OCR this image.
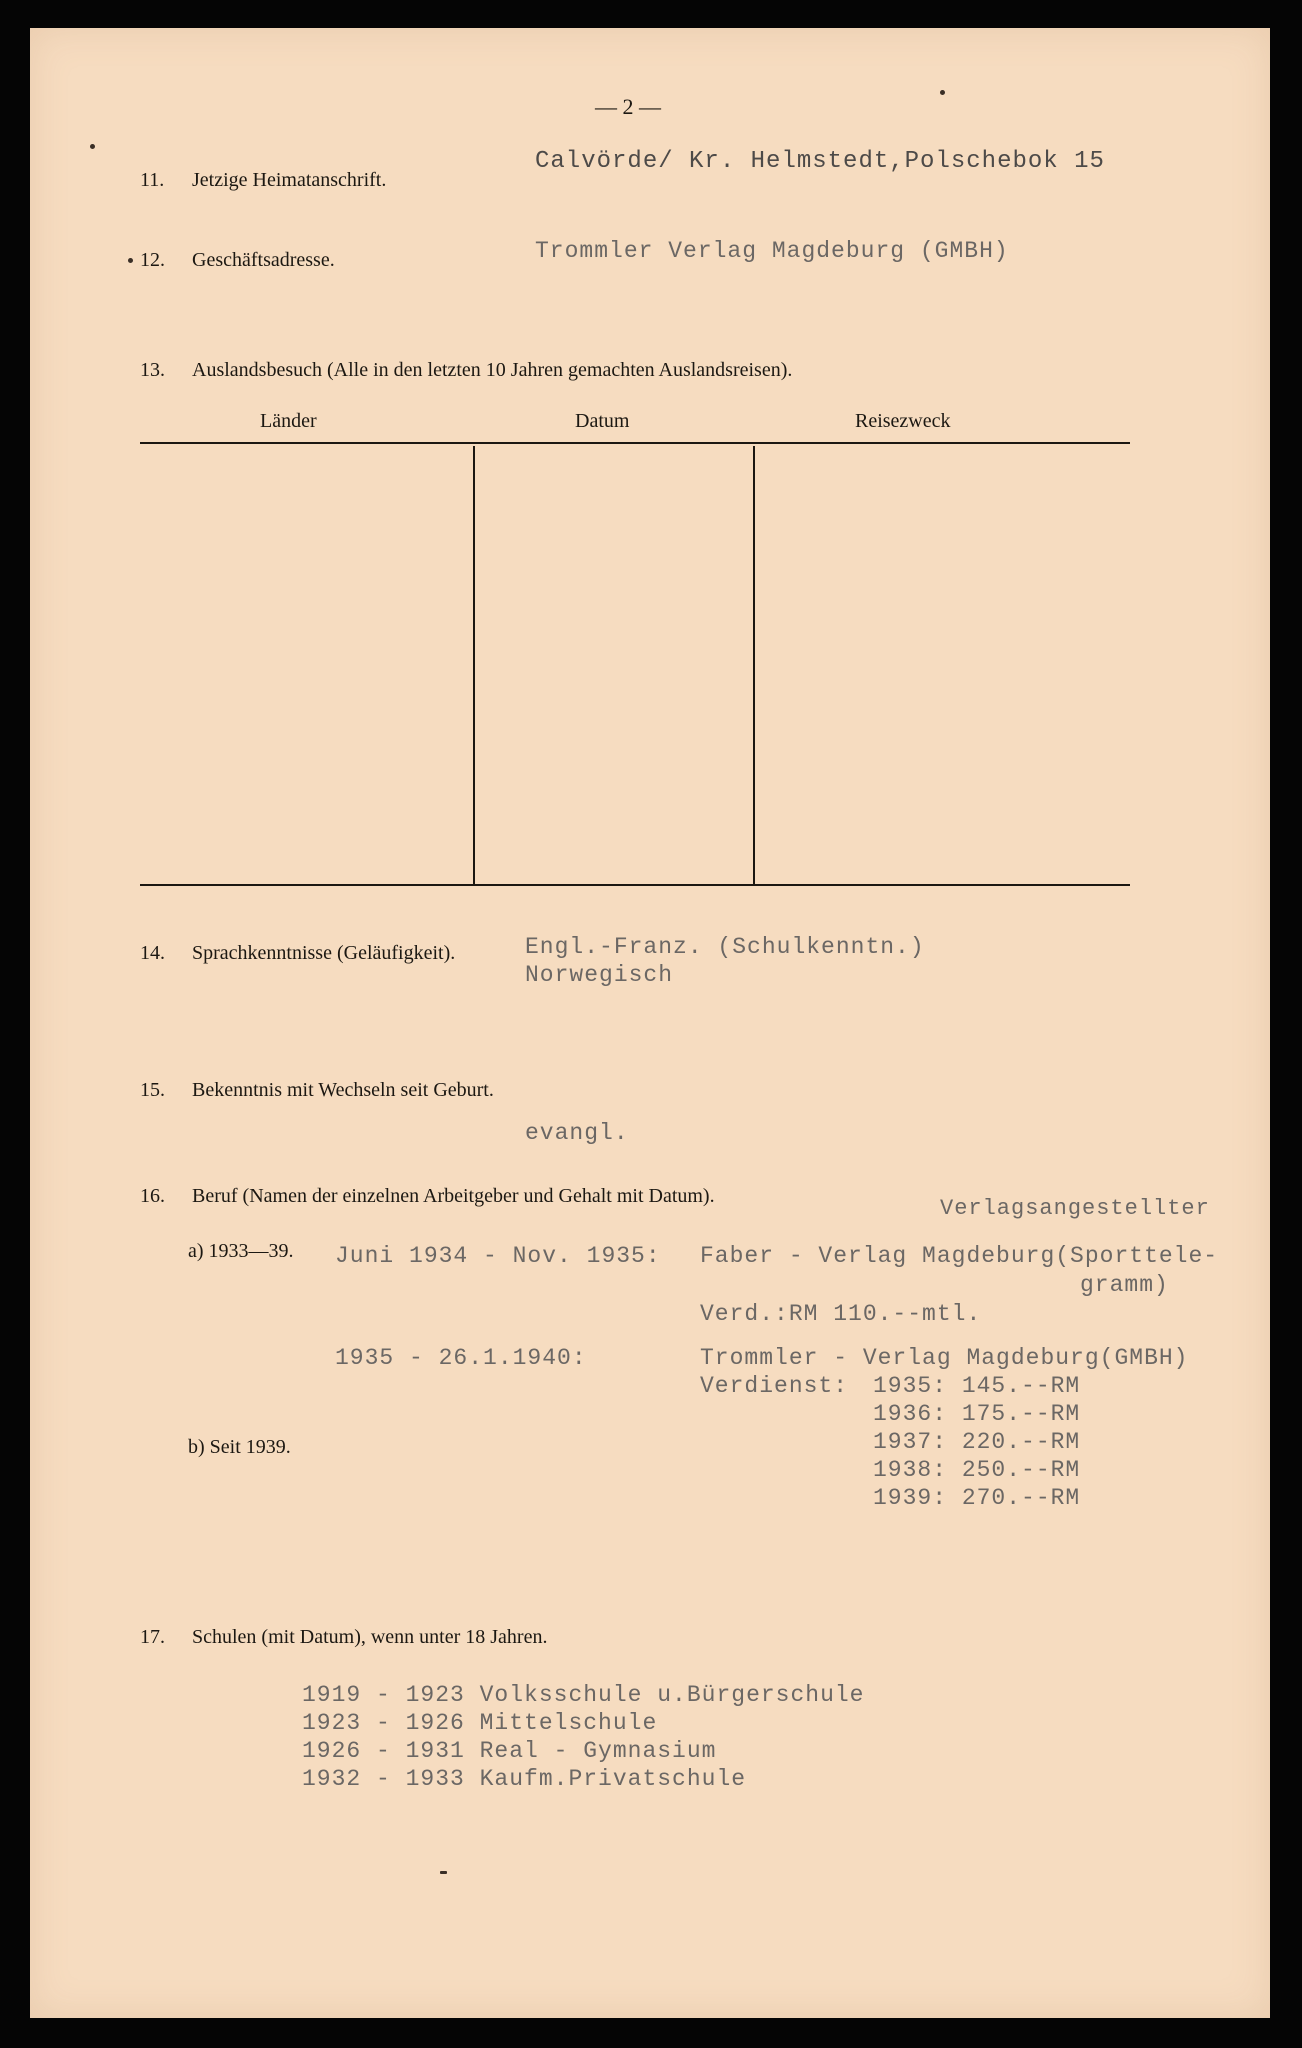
— 2 —
11. Jetzige Heimatanschrift.
Calvörde/ Kr. Helmstedt,Polschebok 15
12. Geschäftsadresse.	Trommler Verlag Magdeburg (GMBH)
13. Auslandsbesuch (Alle in den letzten 10 Jahren gemachten Auslandsreisen).
Länder	Datum	Reisezweck
14. Sprachkenntnisse (Geläufigkeit).	Engl.-Franz. (Schulkenntn.)
Norwegisch
15. Bekenntnis mit Wechseln seit Geburt.
evangl.
16. Beruf (Namen der einzelnen Arbeitgeber und Gehalt mit Datum).	Verlagsangestellter
a) 1933—39. Juni 1934 - Nov. 1935: Faber - Verlag Magdeburg(Sporttele-
gramm)
Verd.:RM 110.--mtl.
1935 - 26.1.1940:	Trommler - Verlag Magdeburg(GMBH)
Verdienst: 1935: 145.--RM
1936: 175.--RM
1937: 220.--RM
1938: 250.--RM
1939: 270.--RM
b) Seit 1939.
17. Schulen (mit Datum), wenn unter 18 Jahren.
1919 - 1923 Volksschule u.Bürgerschule
1923 - 1926 Mittelschule
1926 - 1931 Real - Gymnasium
1932 - 1933 Kaufm.Privatschule
